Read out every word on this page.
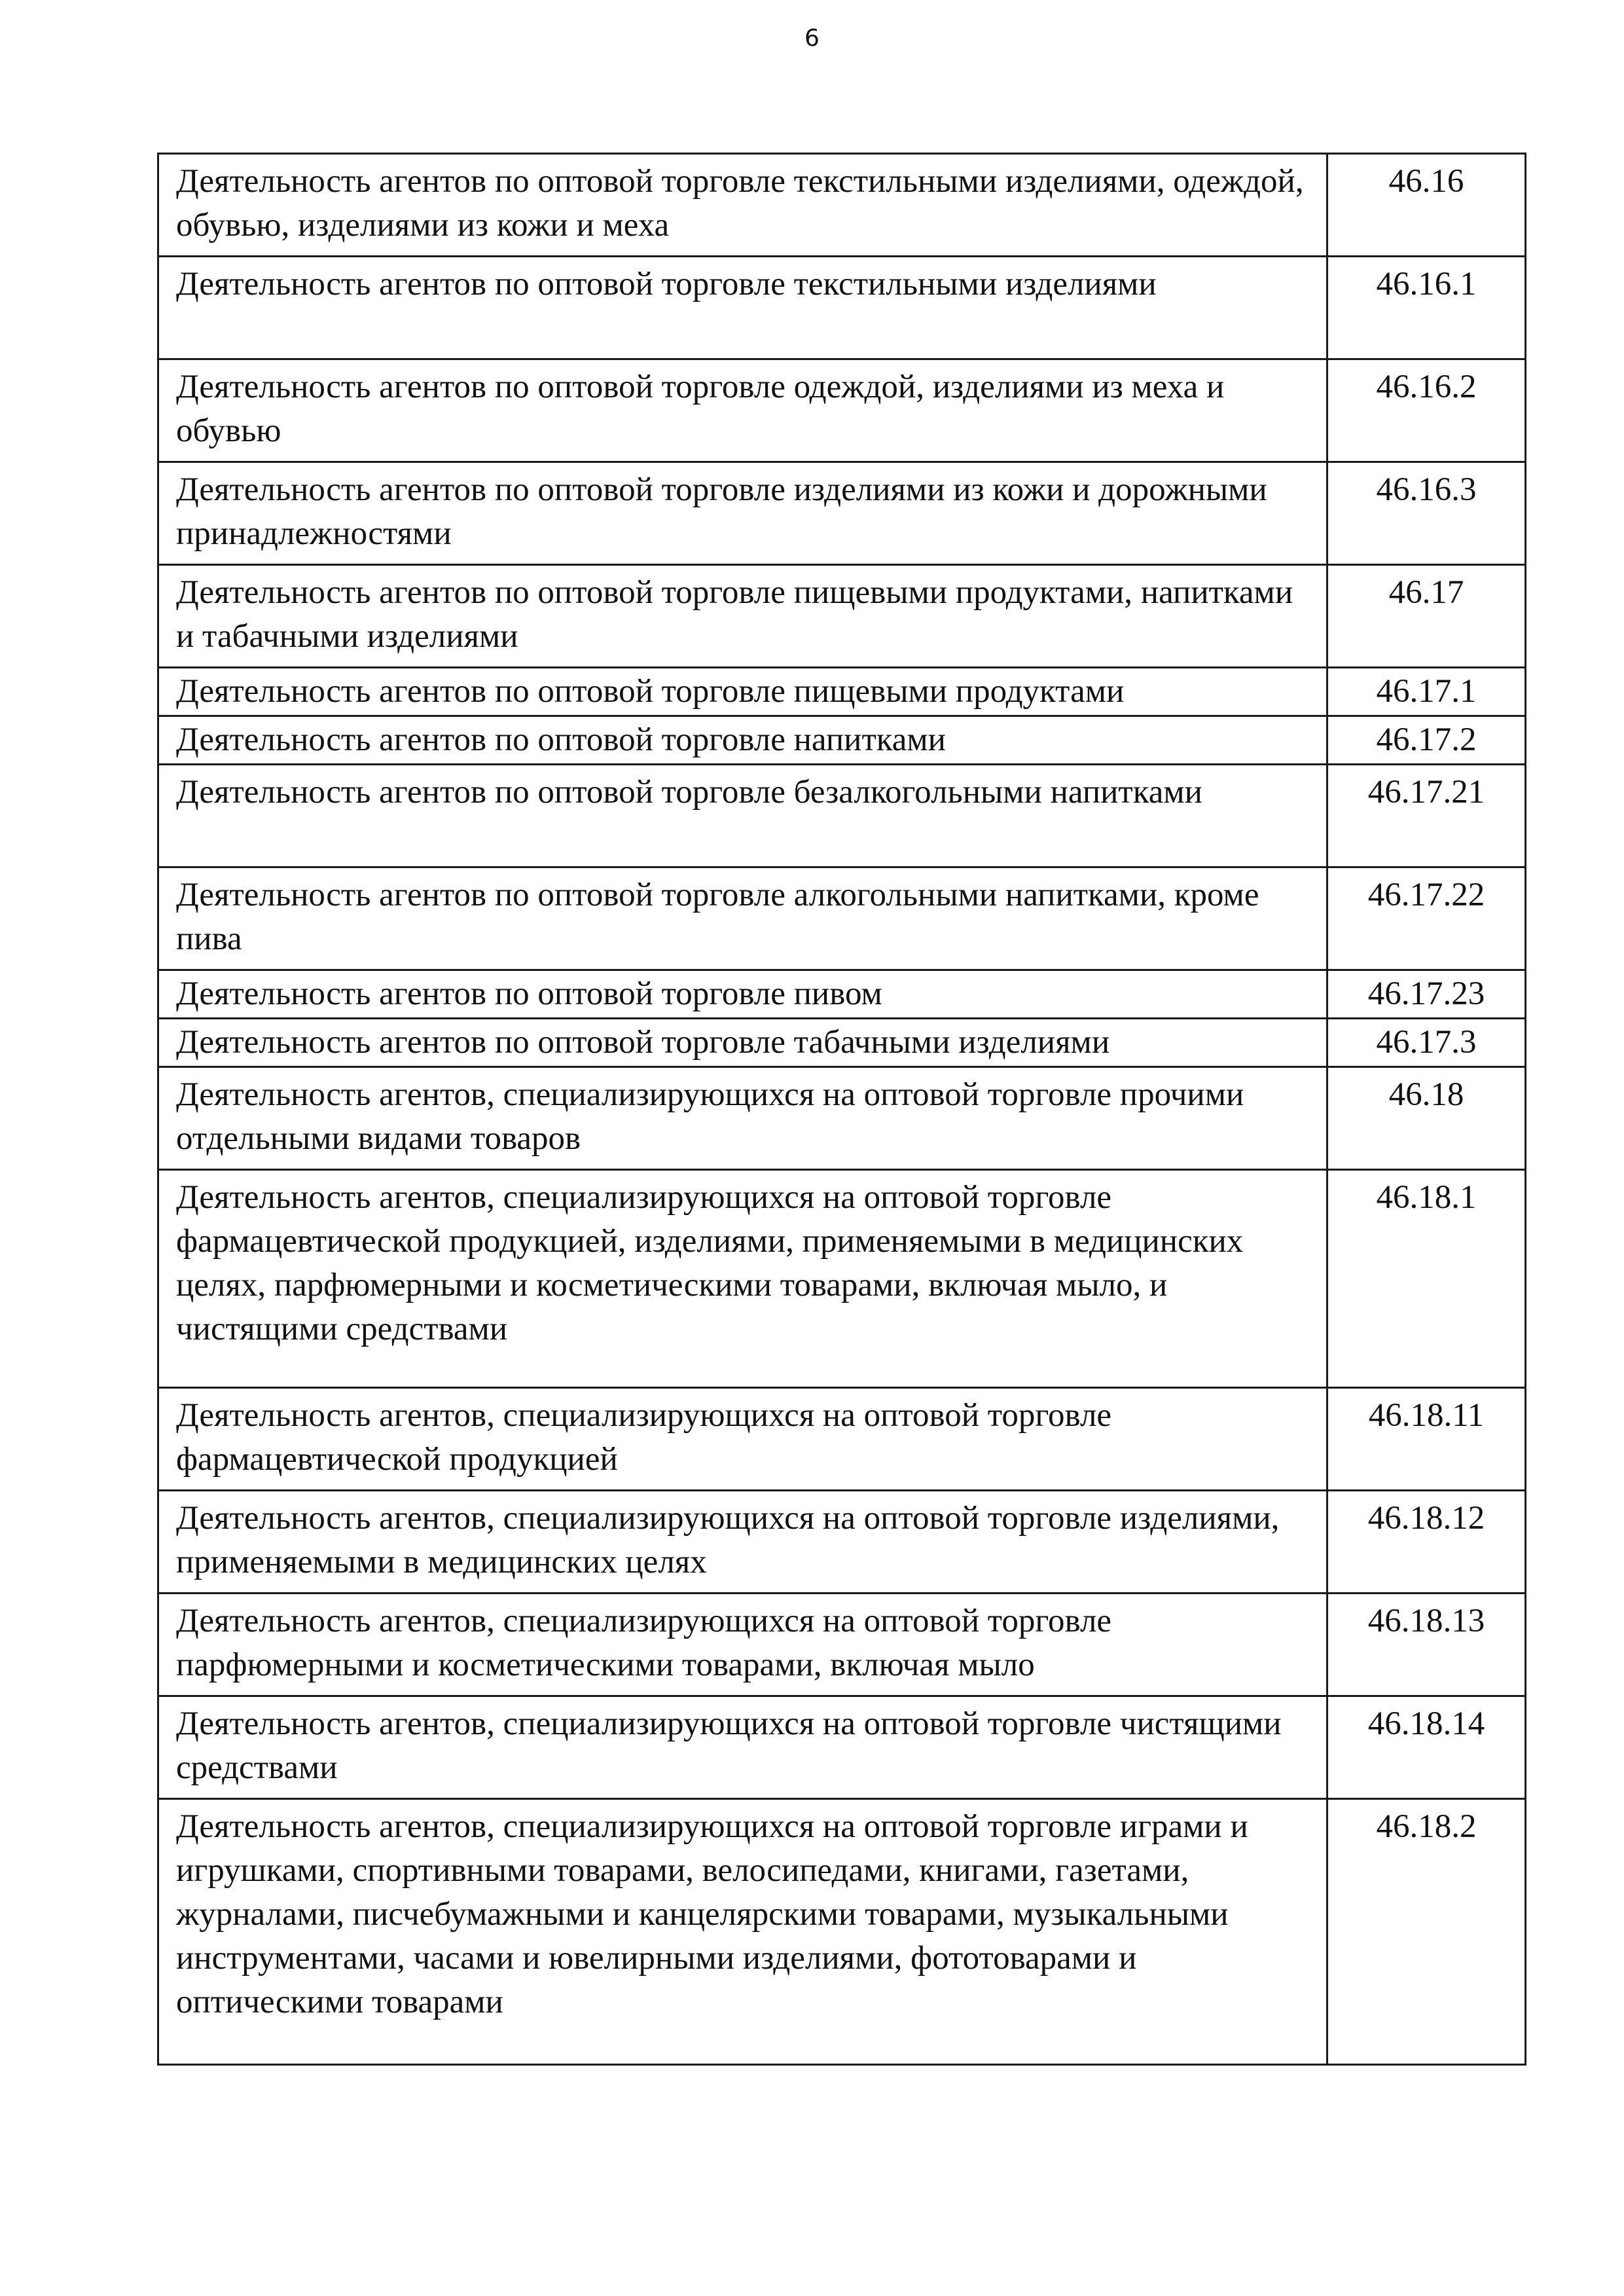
6
Деятельность агентов по оптовой торговле текстильными изделиями, одеждой, обувью, изделиями из кожи и меха	46.16
Деятельность агентов по оптовой торговле текстильными изделиями	46.16.1
Деятельность агентов по оптовой торговле одеждой, изделиями из меха и обувью	46.16.2
Деятельность агентов по оптовой торговле изделиями из кожи и дорожными принадлежностями	46.16.3
Деятельность агентов по оптовой торговле пищевыми продуктами, напитками и табачными изделиями	46.17
Деятельность агентов по оптовой торговле пищевыми продуктами	46.17.1
Деятельность агентов по оптовой торговле напитками	46.17.2
Деятельность агентов по оптовой торговле безалкогольными напитками	46.17.21
Деятельность агентов по оптовой торговле алкогольными напитками, кроме пива	46.17.22
Деятельность агентов по оптовой торговле пивом	46.17.23
Деятельность агентов по оптовой торговле табачными изделиями	46.17.3
Деятельность агентов, специализирующихся на оптовой торговле прочими отдельными видами товаров	46.18
Деятельность агентов, специализирующихся на оптовой торговле фармацевтической продукцией, изделиями, применяемыми в медицинских целях, парфюмерными и косметическими товарами, включая мыло, и чистящими средствами	46.18.1
Деятельность агентов, специализирующихся на оптовой торговле фармацевтической продукцией	46.18.11
Деятельность агентов, специализирующихся на оптовой торговле изделиями, применяемыми в медицинских целях	46.18.12
Деятельность агентов, специализирующихся на оптовой торговле парфюмерными и косметическими товарами, включая мыло	46.18.13
Деятельность агентов, специализирующихся на оптовой торговле чистящими средствами	46.18.14
Деятельность агентов, специализирующихся на оптовой торговле играми и игрушками, спортивными товарами, велосипедами, книгами, газетами, журналами, писчебумажными и канцелярскими товарами, музыкальными инструментами, часами и ювелирными изделиями, фототоварами и оптическими товарами	46.18.2
